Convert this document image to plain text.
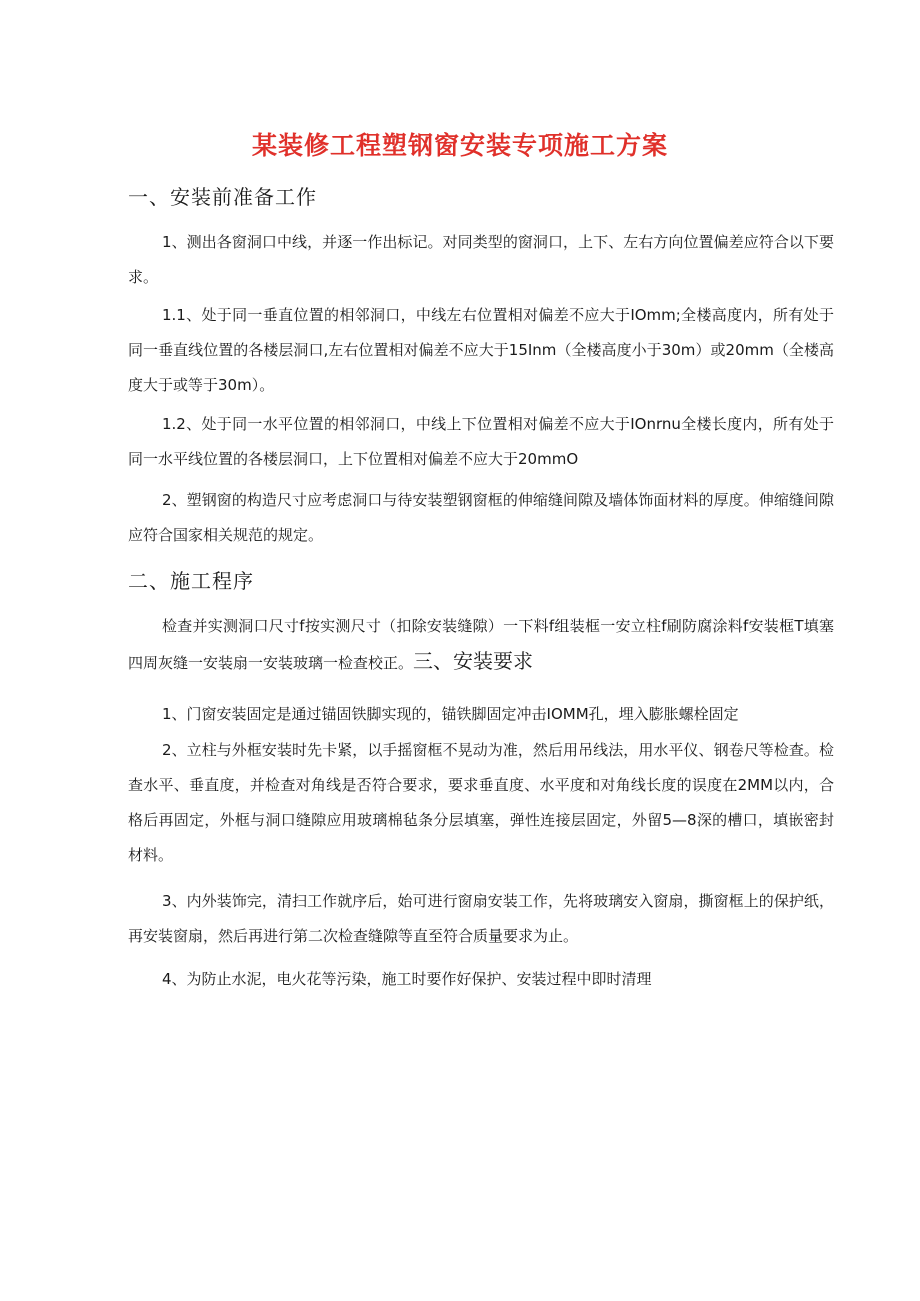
某装修工程塑钢窗安装专项施工方案
一、安装前准备工作

1、测出各窗洞口中线，并逐一作出标记。对同类型的窗洞口，上下、左右方向位置偏差应符合以下要求。

1.1、处于同一垂直位置的相邻洞口，中线左右位置相对偏差不应大于IOmm;全楼高度内，所有处于同一垂直线位置的各楼层洞口,左右位置相对偏差不应大于15Inm（全楼高度小于30m）或20mm（全楼高度大于或等于30m）。

1.2、处于同一水平位置的相邻洞口，中线上下位置相对偏差不应大于IOnrnu全楼长度内，所有处于同一水平线位置的各楼层洞口，上下位置相对偏差不应大于20mmO

2、塑钢窗的构造尺寸应考虑洞口与待安装塑钢窗框的伸缩缝间隙及墙体饰面材料的厚度。伸缩缝间隙应符合国家相关规范的规定。

二、施工程序

检查并实测洞口尺寸f按实测尺寸（扣除安装缝隙）一下料f组装框一安立柱f刷防腐涂料f安装框T填塞四周灰缝一安装扇一安装玻璃一检查校正。三、安装要求

1、门窗安装固定是通过锚固铁脚实现的，锚铁脚固定冲击IOMM孔，埋入膨胀螺栓固定

2、立柱与外框安装时先卡紧，以手摇窗框不晃动为准，然后用吊线法，用水平仪、钢卷尺等检查。检查水平、垂直度，并检查对角线是否符合要求，要求垂直度、水平度和对角线长度的误度在2MM以内，合格后再固定，外框与洞口缝隙应用玻璃棉毡条分层填塞，弹性连接层固定，外留5—8深的槽口，填嵌密封材料。

3、内外装饰完，清扫工作就序后，始可进行窗扇安装工作，先将玻璃安入窗扇，撕窗框上的保护纸，再安装窗扇，然后再进行第二次检查缝隙等直至符合质量要求为止。

4、为防止水泥，电火花等污染，施工时要作好保护、安装过程中即时清理
